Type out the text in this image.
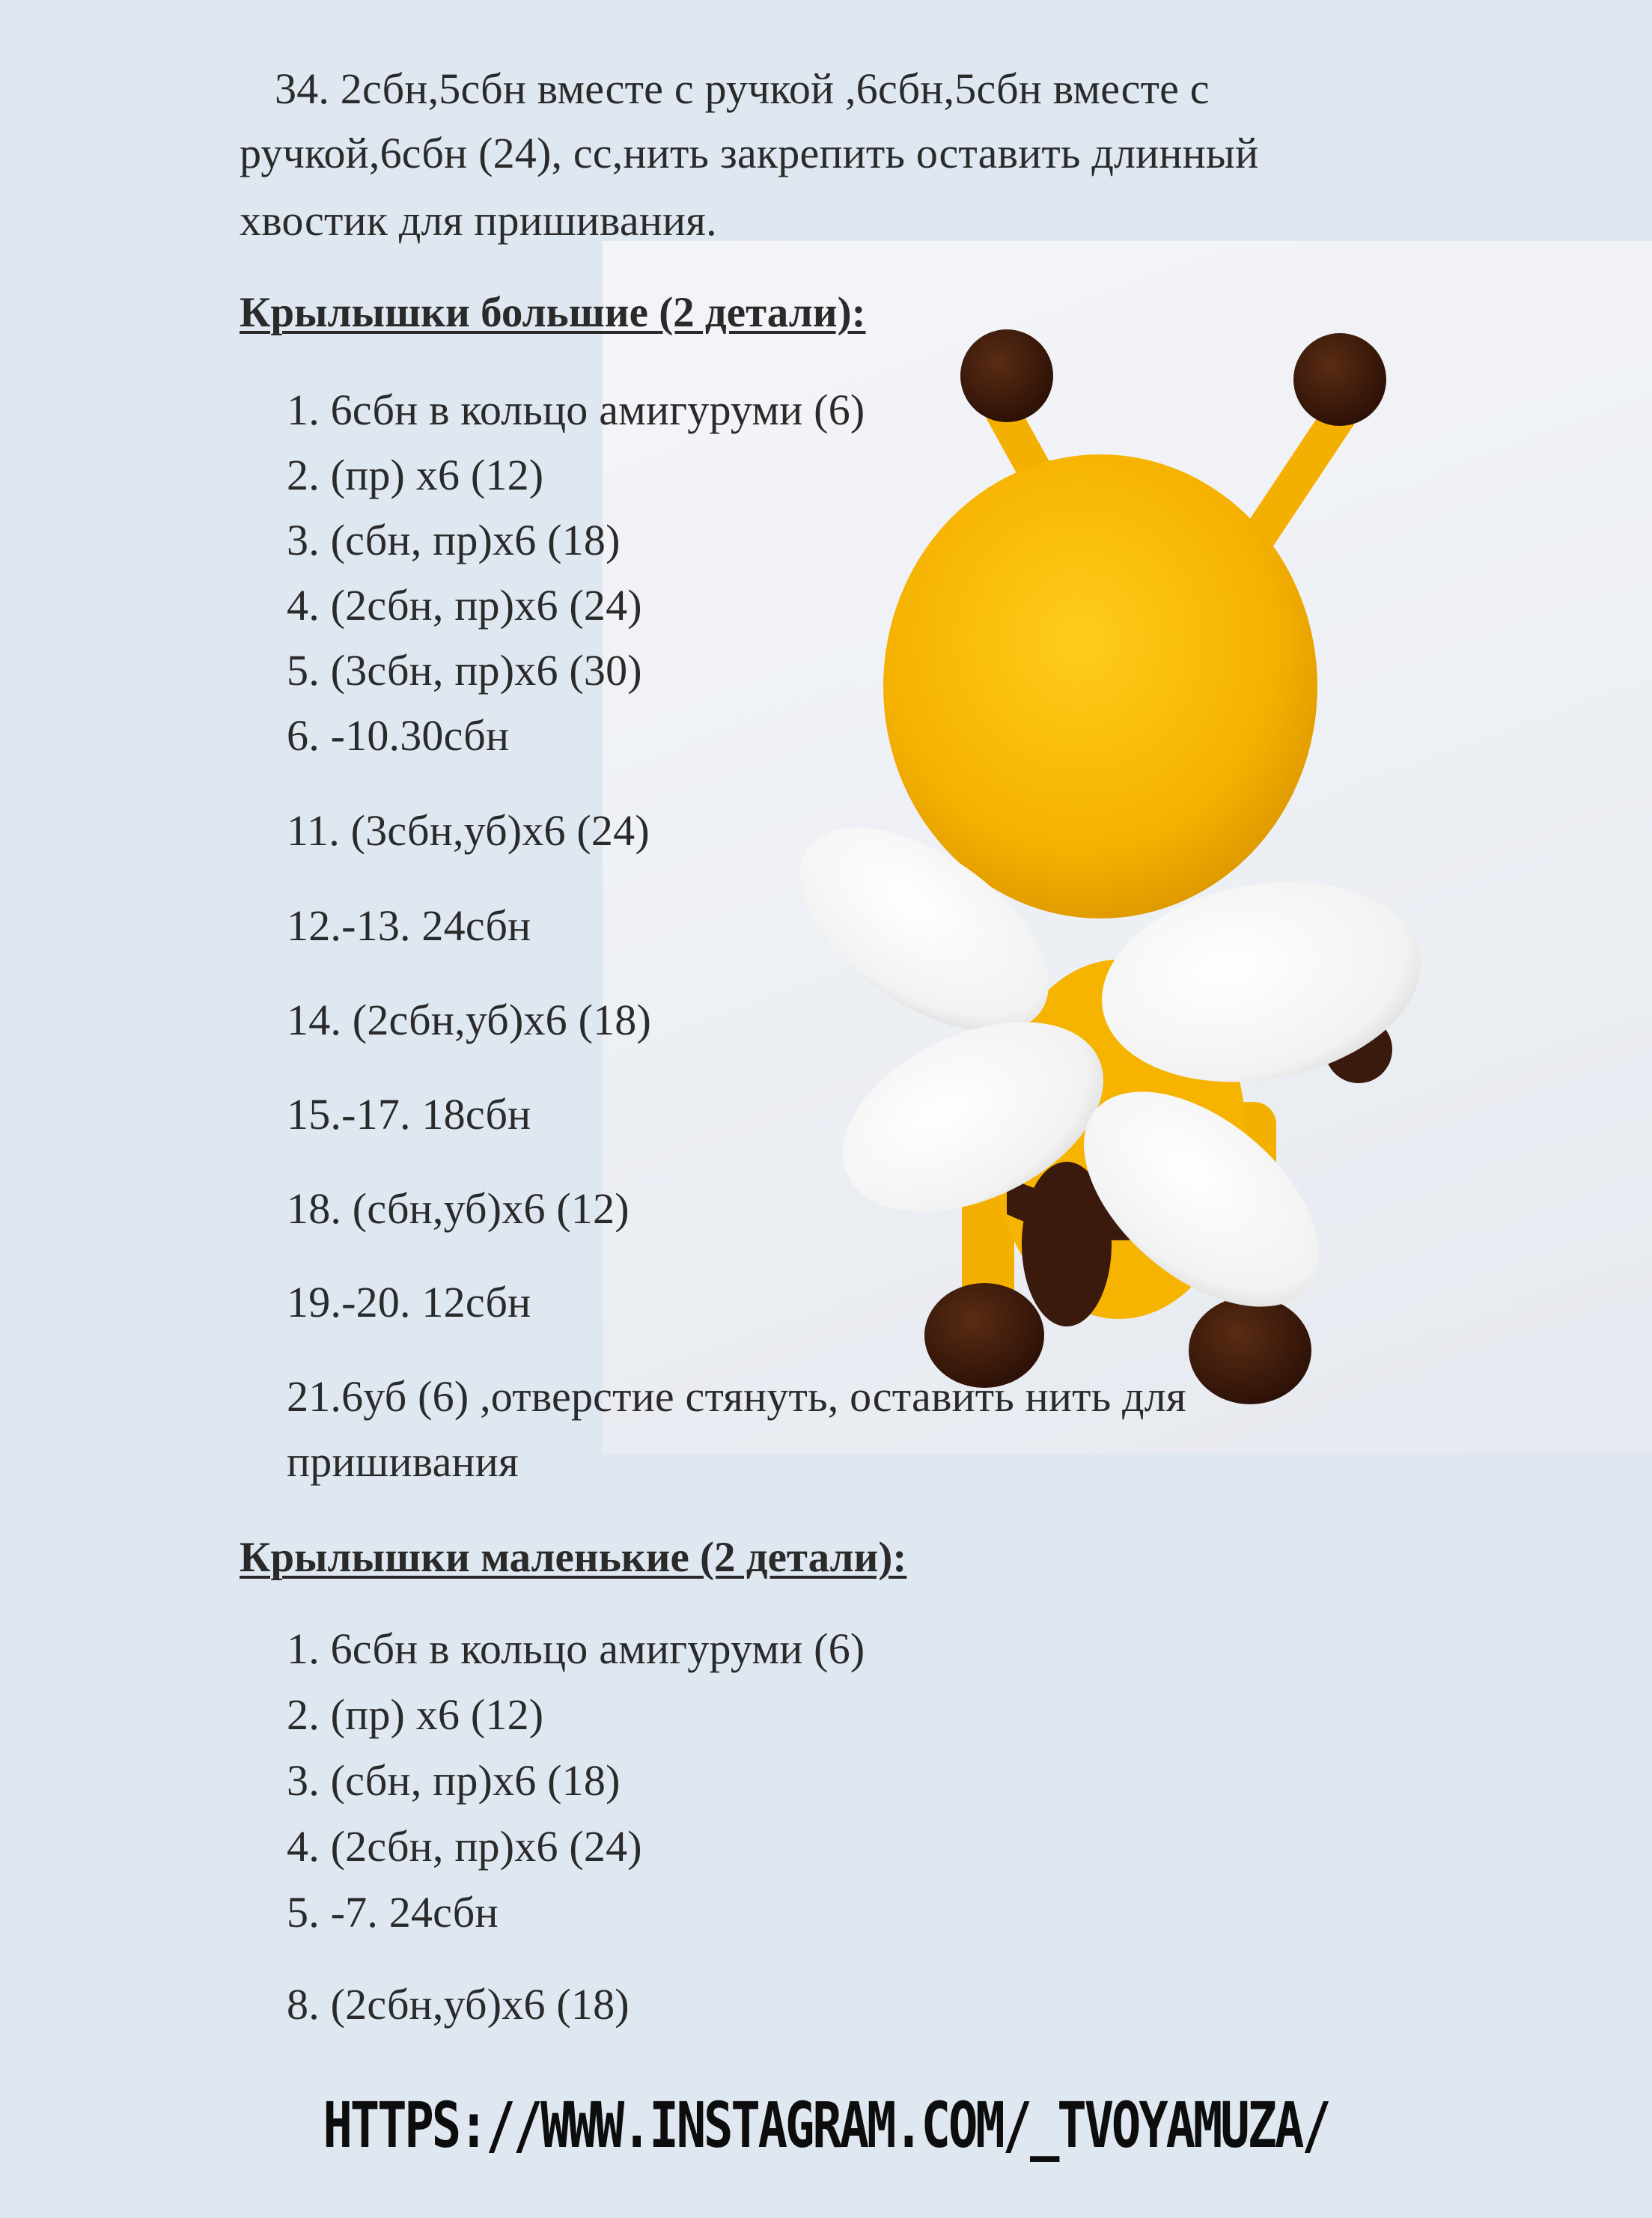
34. 2сбн,5сбн вместе с ручкой ,6сбн,5сбн вместе с
ручкой,6сбн (24), сс,нить закрепить оставить длинный
хвостик для пришивания.
Крылышки большие (2 детали):
1. 6сбн в кольцо амигуруми (6)
2. (пр) х6 (12)
3. (сбн, пр)х6 (18)
4. (2сбн, пр)х6 (24)
5. (3сбн, пр)х6 (30)
6. -10.30сбн
11. (3сбн,уб)х6 (24)
12.-13. 24сбн
14. (2сбн,уб)х6 (18)
15.-17. 18сбн
18. (сбн,уб)х6 (12)
19.-20. 12сбн
21.6уб (6) ,отверстие стянуть, оставить нить для
пришивания
Крылышки маленькие (2 детали):
1. 6сбн в кольцо амигуруми (6)
2. (пр) х6 (12)
3. (сбн, пр)х6 (18)
4. (2сбн, пр)х6 (24)
5. -7. 24сбн
8. (2сбн,уб)х6 (18)
HTTPS://WWW.INSTAGRAM.COM/_TVOYAMUZA/
